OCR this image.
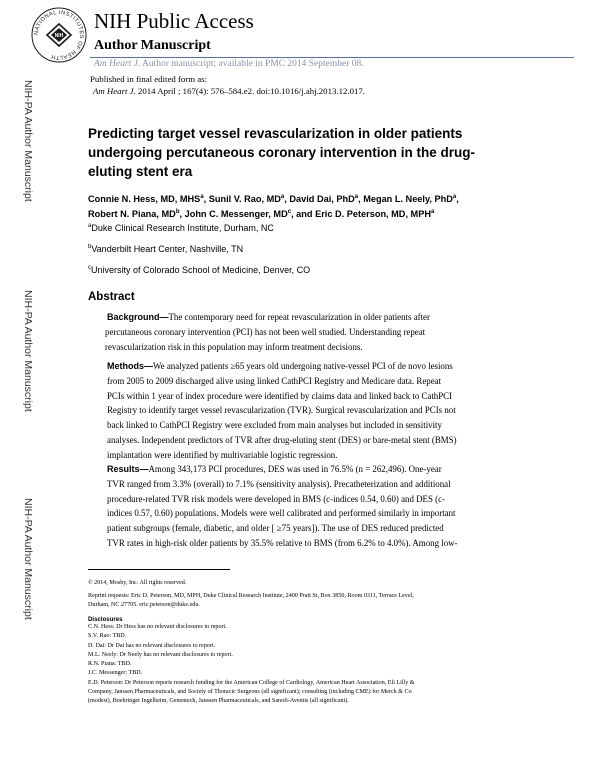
NATIONAL INSTITUTES OF HEALTH
NIH
NIH Public Access
Author Manuscript
Am Heart J. Author manuscript; available in PMC 2014 September 08.
Published in final edited form as:
Am Heart J. 2014 April ; 167(4): 576–584.e2. doi:10.1016/j.ahj.2013.12.017.
NIH-PA Author Manuscript
NIH-PA Author Manuscript
NIH-PA Author Manuscript
Predicting target vessel revascularization in older patients
undergoing percutaneous coronary intervention in the drug-
eluting stent era
Connie N. Hess, MD, MHS$^a$, Sunil V. Rao, $MD^a$, David Dai, PhD$^a$, Megan L. Neely, PhD$^a$,
Robert N. Piana, $MD^b$, John C. Messenger, $MD^c$, and Eric D. Peterson, MD, MPH$^a$
$^a$Duke Clinical Research Institute, Durham, NC
$^b$Vanderbilt Heart Center, Nashville, TN
$^c$University of Colorado School of Medicine, Denver, CO
Abstract
Background—The contemporary need for repeat revascularization in older patients after
percutaneous coronary intervention (PCI) has not been well studied. Understanding repeat
revascularization risk in this population may inform treatment decisions.
Methods—We analyzed patients ≥65 years old undergoing native-vessel PCI of de novo lesions
from 2005 to 2009 discharged alive using linked CathPCI Registry and Medicare data. Repeat
PCIs within 1 year of index procedure were identified by claims data and linked back to CathPCI
Registry to identify target vessel revascularization (TVR). Surgical revascularization and PCIs not
back linked to CathPCI Registry were excluded from main analyses but included in sensitivity
analyses. Independent predictors of TVR after drug-eluting stent (DES) or bare-metal stent (BMS)
implantation were identified by multivariable logistic regression.
Results—Among 343,173 PCI procedures, DES was used in 76.5% (n = 262,496). One-year
TVR ranged from 3.3% (overall) to 7.1% (sensitivity analysis). Precatheterization and additional
procedure-related TVR risk models were developed in BMS (c-indices 0.54, 0.60) and DES (c-
indices 0.57, 0.60) populations. Models were well calibrated and performed similarly in important
patient subgroups (female, diabetic, and older [ ≥75 years]). The use of DES reduced predicted
TVR rates in high-risk older patients by 35.5% relative to BMS (from 6.2% to 4.0%). Among low-
© 2014, Mosby, Inc. All rights reserved.
Reprint requests: Eric D. Peterson, MD, MPH, Duke Clinical Research Institute, 2400 Pratt St, Box 3850, Room 0311, Terrace Level,
Durham, NC 27705. eric.peterson@duke.edu.
Disclosures
C.N. Hess: Dr Hess has no relevant disclosures to report.
S.V. Rao: TBD.
D. Dai: Dr Dai has no relevant disclosures to report.
M.L. Neely: Dr Neely has no relevant disclosures to report.
R.N. Piana: TBD.
J.C. Messenger: TBD.
E.D. Peterson: Dr Peterson reports research funding for the American College of Cardiology, American Heart Association, Eli Lilly &
Company, Janssen Pharmaceuticals, and Society of Thoracic Surgeons (all significant); consulting (including CME) for Merck & Co
(modest), Boehringer Ingelheim, Genentech, Janssen Pharmaceuticals, and Sanofi-Aventis (all significant).
